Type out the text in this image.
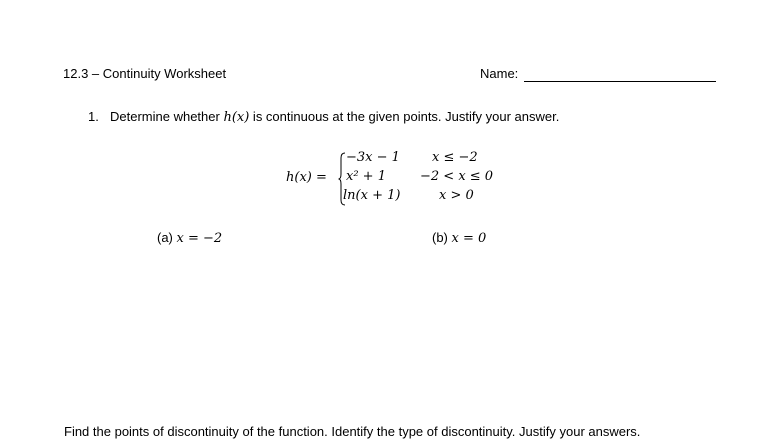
12.3 – Continuity Worksheet	Name:
1. Determine whether h(x) is continuous at the given points. Justify your answer.
h(x) =
−3x − 1
x² + 1
ln(x + 1)
x ≤ −2
−2 < x ≤ 0
x > 0
(a) x = −2	(b) x = 0
Find the points of discontinuity of the function. Identify the type of discontinuity. Justify your answers.
